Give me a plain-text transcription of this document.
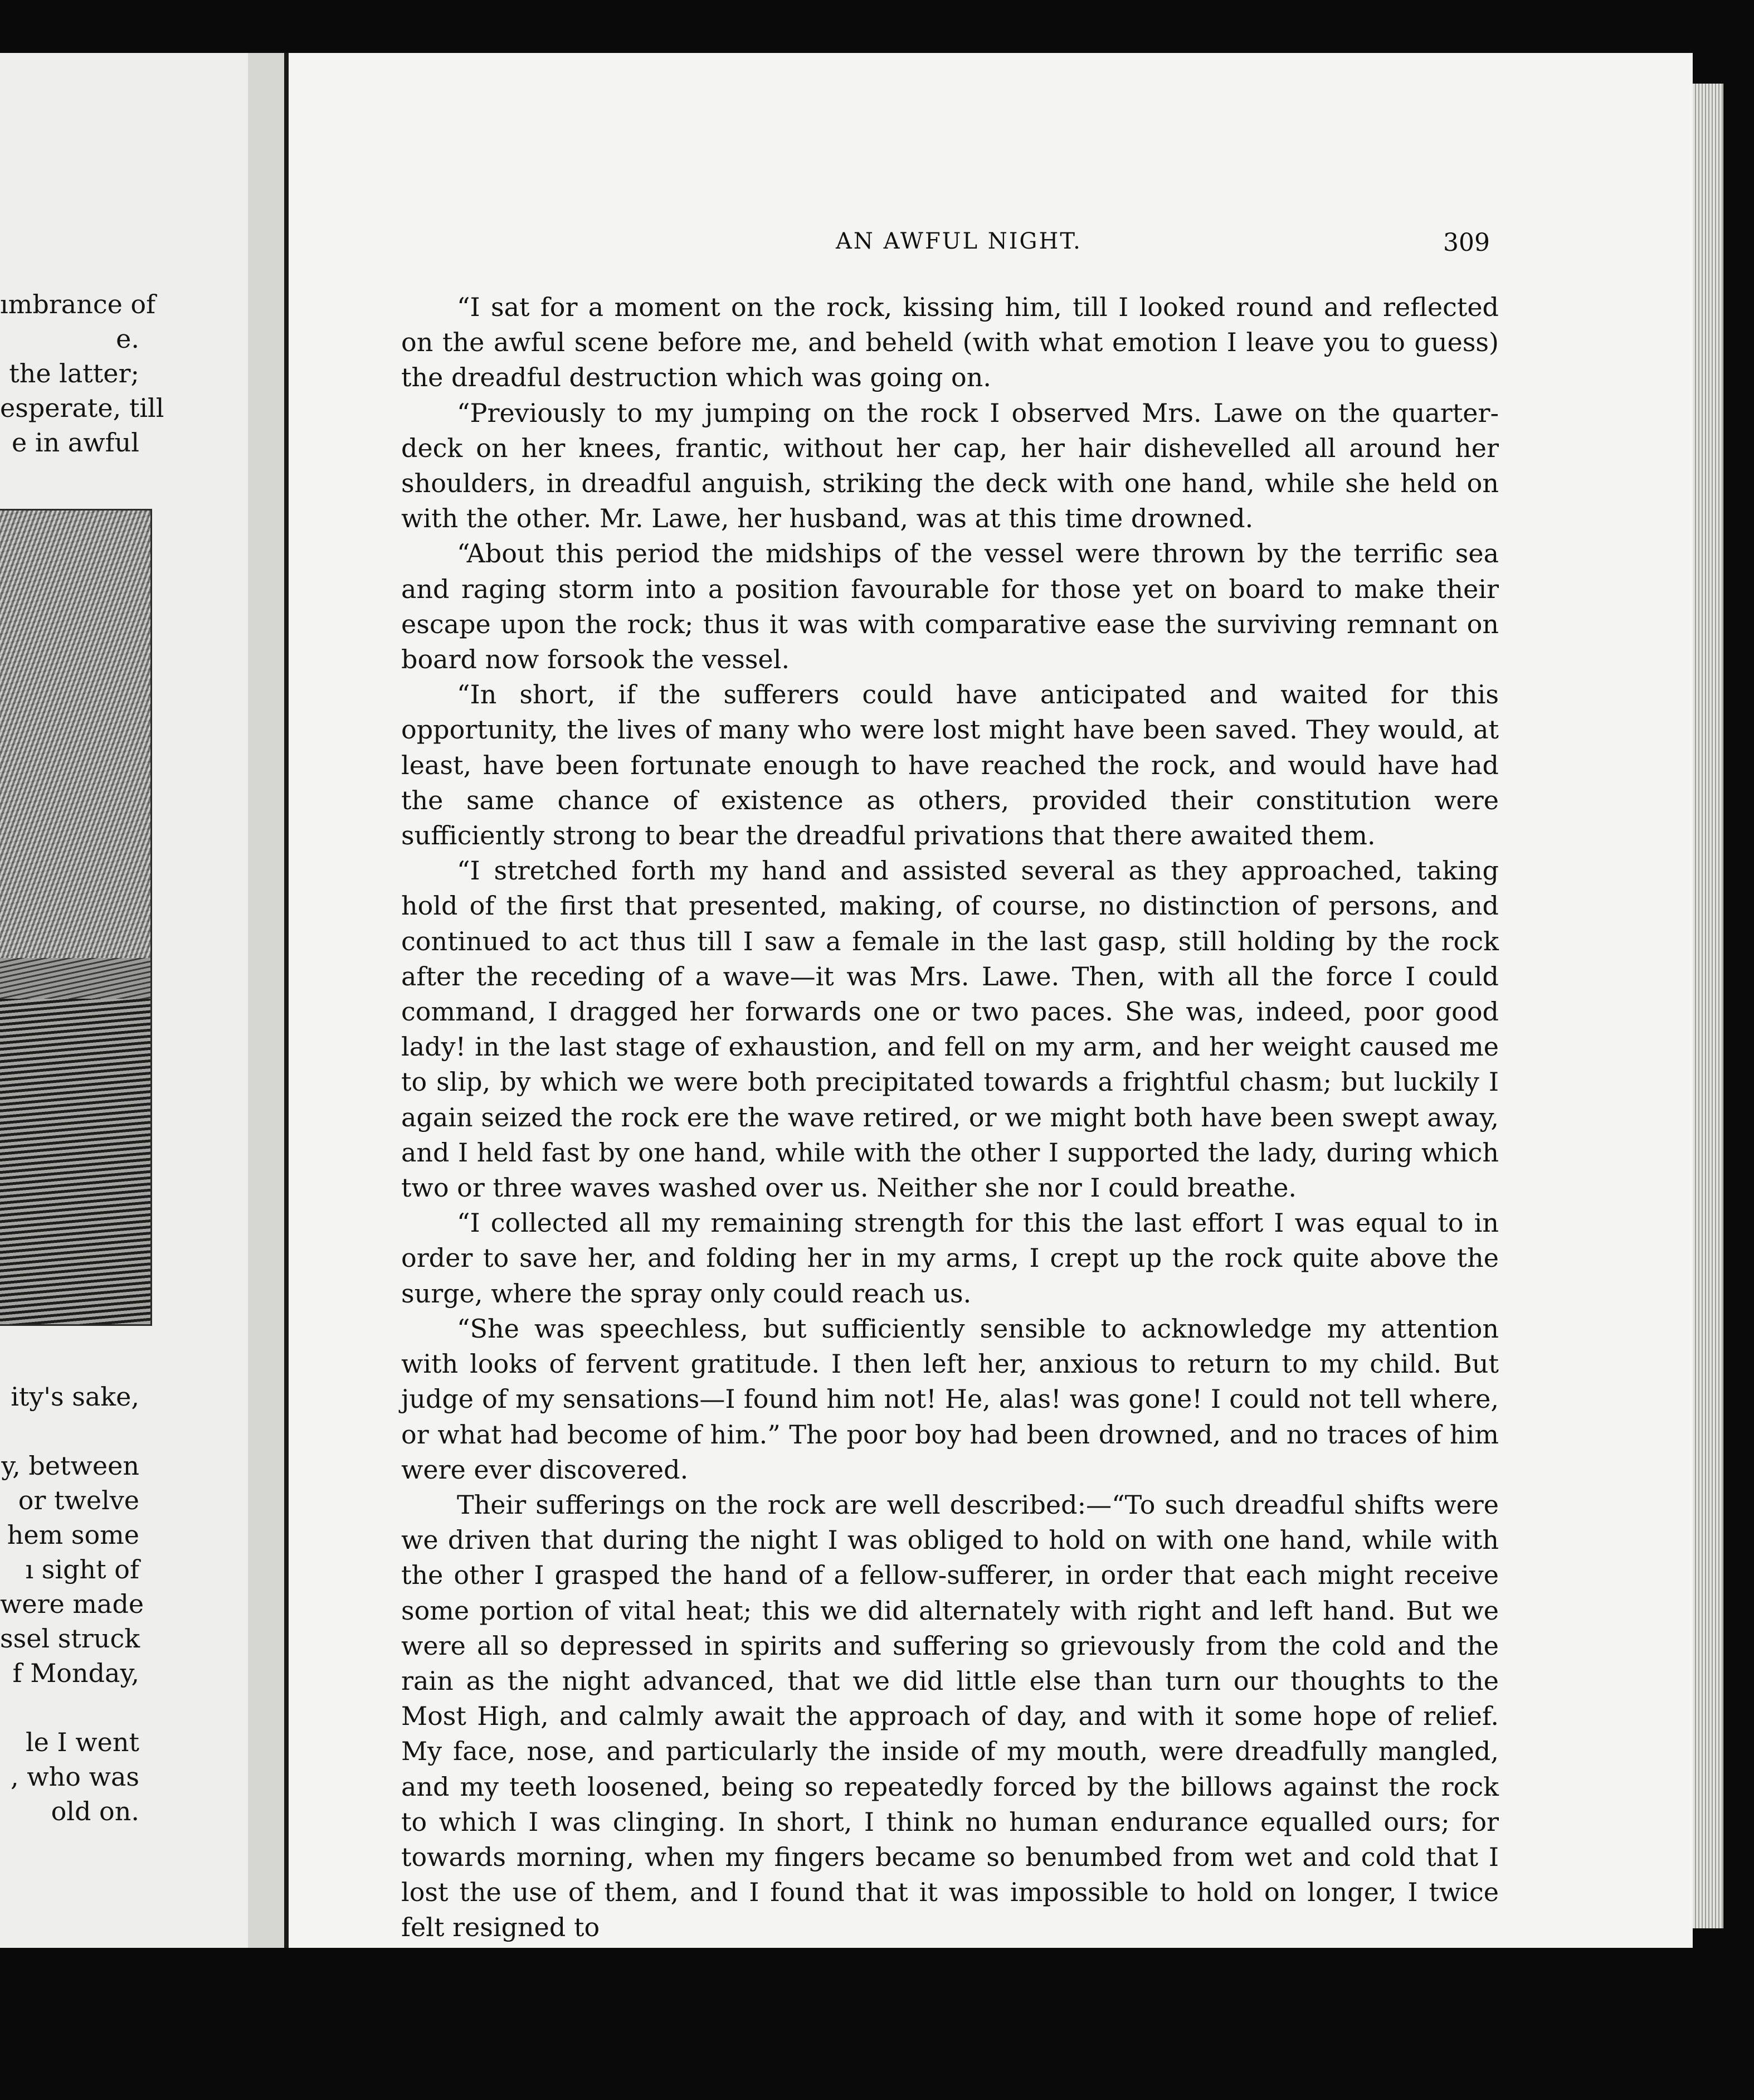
ımbrance of
e.
the latter;
esperate, till
e in awful
ity's sake,

y, between
or twelve
hem some
ı sight of
were made
ssel struck
f Monday,

le I went
, who was
old on.
AN AWFUL NIGHT.	309

“I sat for a moment on the rock, kissing him, till I looked round and reflected on the awful scene before me, and beheld (with what emotion I leave you to guess) the dreadful destruction which was going on.

“Previously to my jumping on the rock I observed Mrs. Lawe on the quarter-deck on her knees, frantic, without her cap, her hair dishevelled all around her shoulders, in dreadful anguish, striking the deck with one hand, while she held on with the other. Mr. Lawe, her husband, was at this time drowned.

“About this period the midships of the vessel were thrown by the terrific sea and raging storm into a position favourable for those yet on board to make their escape upon the rock; thus it was with comparative ease the surviving remnant on board now forsook the vessel.

“In short, if the sufferers could have anticipated and waited for this opportunity, the lives of many who were lost might have been saved. They would, at least, have been fortunate enough to have reached the rock, and would have had the same chance of existence as others, provided their constitution were sufficiently strong to bear the dreadful privations that there awaited them.

“I stretched forth my hand and assisted several as they approached, taking hold of the first that presented, making, of course, no distinction of persons, and continued to act thus till I saw a female in the last gasp, still holding by the rock after the receding of a wave—it was Mrs. Lawe. Then, with all the force I could command, I dragged her forwards one or two paces. She was, indeed, poor good lady! in the last stage of exhaustion, and fell on my arm, and her weight caused me to slip, by which we were both precipitated towards a frightful chasm; but luckily I again seized the rock ere the wave retired, or we might both have been swept away, and I held fast by one hand, while with the other I supported the lady, during which two or three waves washed over us. Neither she nor I could breathe.

“I collected all my remaining strength for this the last effort I was equal to in order to save her, and folding her in my arms, I crept up the rock quite above the surge, where the spray only could reach us.

“She was speechless, but sufficiently sensible to acknowledge my attention with looks of fervent gratitude. I then left her, anxious to return to my child. But judge of my sensations—I found him not! He, alas! was gone! I could not tell where, or what had become of him.” The poor boy had been drowned, and no traces of him were ever discovered.

Their sufferings on the rock are well described:—“To such dreadful shifts were we driven that during the night I was obliged to hold on with one hand, while with the other I grasped the hand of a fellow-sufferer, in order that each might receive some portion of vital heat; this we did alternately with right and left hand. But we were all so depressed in spirits and suffering so grievously from the cold and the rain as the night advanced, that we did little else than turn our thoughts to the Most High, and calmly await the approach of day, and with it some hope of relief. My face, nose, and particularly the inside of my mouth, were dreadfully mangled, and my teeth loosened, being so repeatedly forced by the billows against the rock to which I was clinging. In short, I think no human endurance equalled ours; for towards morning, when my fingers became so benumbed from wet and cold that I lost the use of them, and I found that it was impossible to hold on longer, I twice felt resigned to
